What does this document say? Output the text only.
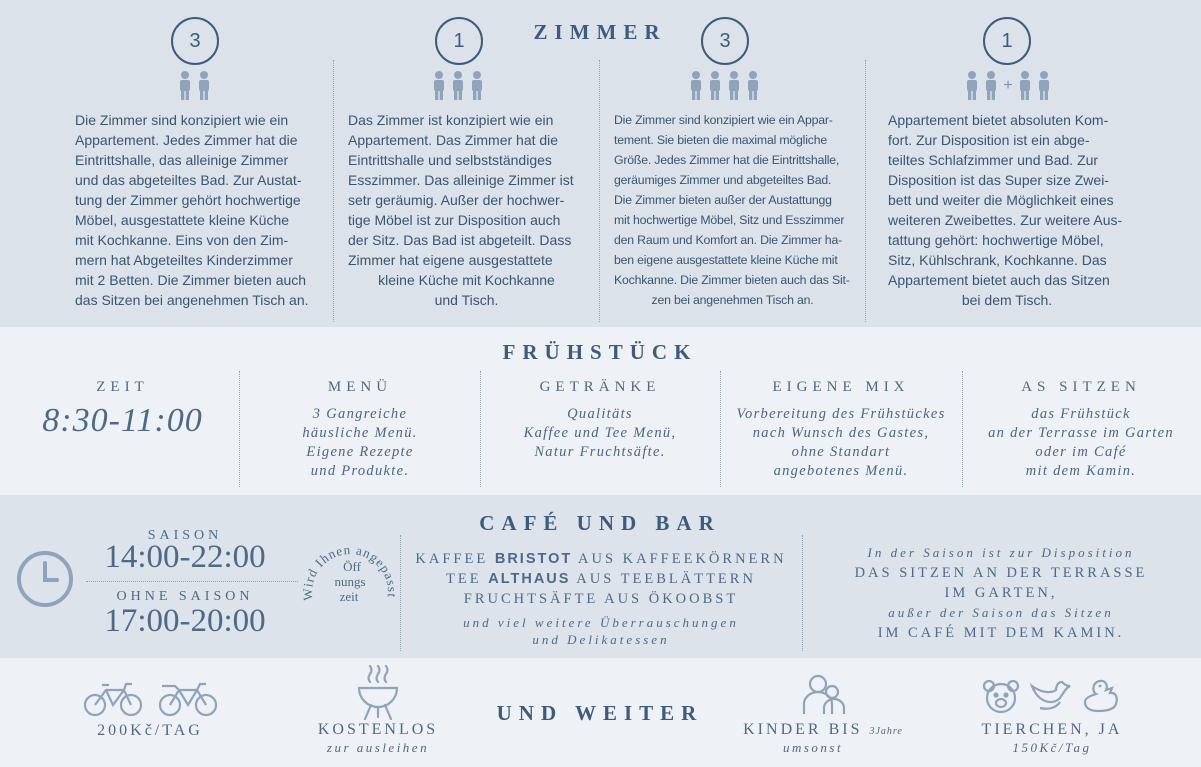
ZIMMER
3
Die Zimmer sind konzipiert wie ein
Appartement. Jedes Zimmer hat die
Eintrittshalle, das alleinige Zimmer
und das abgeteiltes Bad. Zur Austat-
tung der Zimmer gehört hochwertige
Möbel, ausgestattete kleine Küche
mit Kochkanne. Eins von den Zim-
mern hat Abgeteiltes Kinderzimmer
mit 2 Betten. Die Zimmer bieten auch
das Sitzen bei angenehmen Tisch an.
1
Das Zimmer ist konzipiert wie ein
Appartement. Das Zimmer hat die
Eintrittshalle und selbstständiges
Esszimmer. Das alleinige Zimmer ist
setr geräumig. Außer der hochwer-
tige Möbel ist zur Disposition auch
der Sitz. Das Bad ist abgeteilt. Dass
Zimmer hat eigene ausgestattete
kleine Küche mit Kochkanne
und Tisch.
3
Die Zimmer sind konzipiert wie ein Appar-
tement. Sie bieten die maximal mögliche
Größe. Jedes Zimmer hat die Eintrittshalle,
geräumiges Zimmer und abgeteiltes Bad.
Die Zimmer bieten außer der Austattungg
mit hochwertige Möbel, Sitz und Esszimmer
den Raum und Komfort an. Die Zimmer ha-
ben eigene ausgestattete kleine Küche mit
Kochkanne. Die Zimmer bieten auch das Sit-
zen bei angenehmen Tisch an.
1
+
Appartement bietet absoluten Kom-
fort. Zur Disposition ist ein abge-
teiltes Schlafzimmer und Bad. Zur
Disposition ist das Super size Zwei-
bett und weiter die Möglichkeit eines
weiteren Zweibettes. Zur weitere Aus-
tattung gehört: hochwertige Möbel,
Sitz, Kühlschrank, Kochkanne. Das
Appartement bietet auch das Sitzen
bei dem Tisch.
FRÜHSTÜCK
ZEIT
8:30-11:00
MENÜ
3 Gangreiche
häusliche Menü.
Eigene Rezepte
und Produkte.
GETRÄNKE
Qualitäts
Kaffee und Tee Menü,
Natur Fruchtsäfte.
EIGENE MIX
Vorbereitung des Frühstückes
nach Wunsch des Gastes,
ohne Standart
angebotenes Menü.
AS SITZEN
das Frühstück
an der Terrasse im Garten
oder im Café
mit dem Kamin.
CAFÉ UND BAR
SAISON
14:00-22:00
OHNE SAISON
17:00-20:00
Wird Ihnen angepasst
Öff
nungs
zeit
KAFFEE BRISTOT AUS KAFFEEKÖRNERN
TEE ALTHAUS AUS TEEBLÄTTERN
FRUCHTSÄFTE AUS ÖKOOBST
und viel weitere Überrauschungen
und Delikatessen
In der Saison ist zur Disposition
DAS SITZEN AN DER TERRASSE
IM GARTEN,
außer der Saison das Sitzen
IM CAFÉ MIT DEM KAMIN.
UND WEITER
200Kč/TAG	KOSTENLOS
zur ausleihen
KINDER BIS 3Jahre
umsonst
TIERCHEN, JA
150Kč/Tag
